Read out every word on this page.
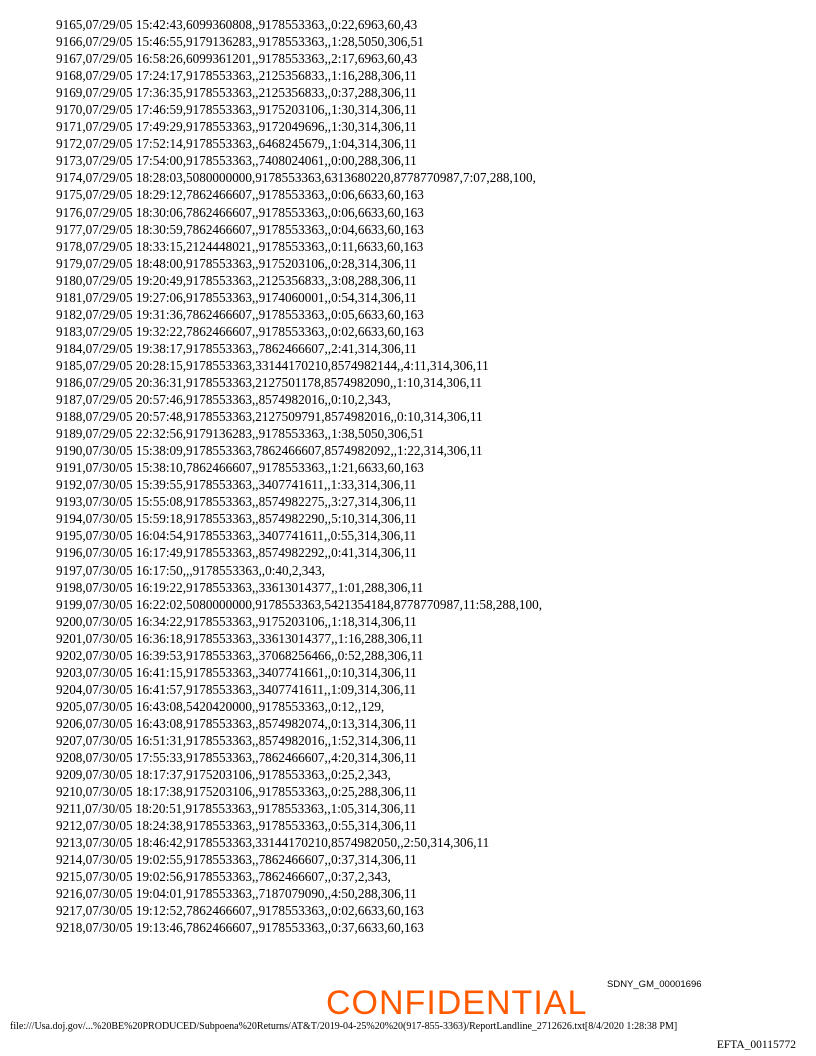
9165,07/29/05 15:42:43,6099360808,,9178553363,,0:22,6963,60,43
9166,07/29/05 15:46:55,9179136283,,9178553363,,1:28,5050,306,51
9167,07/29/05 16:58:26,6099361201,,9178553363,,2:17,6963,60,43
9168,07/29/05 17:24:17,9178553363,,2125356833,,1:16,288,306,11
9169,07/29/05 17:36:35,9178553363,,2125356833,,0:37,288,306,11
9170,07/29/05 17:46:59,9178553363,,9175203106,,1:30,314,306,11
9171,07/29/05 17:49:29,9178553363,,9172049696,,1:30,314,306,11
9172,07/29/05 17:52:14,9178553363,,6468245679,,1:04,314,306,11
9173,07/29/05 17:54:00,9178553363,,7408024061,,0:00,288,306,11
9174,07/29/05 18:28:03,5080000000,9178553363,6313680220,8778770987,7:07,288,100,
9175,07/29/05 18:29:12,7862466607,,9178553363,,0:06,6633,60,163
9176,07/29/05 18:30:06,7862466607,,9178553363,,0:06,6633,60,163
9177,07/29/05 18:30:59,7862466607,,9178553363,,0:04,6633,60,163
9178,07/29/05 18:33:15,2124448021,,9178553363,,0:11,6633,60,163
9179,07/29/05 18:48:00,9178553363,,9175203106,,0:28,314,306,11
9180,07/29/05 19:20:49,9178553363,,2125356833,,3:08,288,306,11
9181,07/29/05 19:27:06,9178553363,,9174060001,,0:54,314,306,11
9182,07/29/05 19:31:36,7862466607,,9178553363,,0:05,6633,60,163
9183,07/29/05 19:32:22,7862466607,,9178553363,,0:02,6633,60,163
9184,07/29/05 19:38:17,9178553363,,7862466607,,2:41,314,306,11
9185,07/29/05 20:28:15,9178553363,33144170210,8574982144,,4:11,314,306,11
9186,07/29/05 20:36:31,9178553363,2127501178,8574982090,,1:10,314,306,11
9187,07/29/05 20:57:46,9178553363,,8574982016,,0:10,2,343,
9188,07/29/05 20:57:48,9178553363,2127509791,8574982016,,0:10,314,306,11
9189,07/29/05 22:32:56,9179136283,,9178553363,,1:38,5050,306,51
9190,07/30/05 15:38:09,9178553363,7862466607,8574982092,,1:22,314,306,11
9191,07/30/05 15:38:10,7862466607,,9178553363,,1:21,6633,60,163
9192,07/30/05 15:39:55,9178553363,,3407741611,,1:33,314,306,11
9193,07/30/05 15:55:08,9178553363,,8574982275,,3:27,314,306,11
9194,07/30/05 15:59:18,9178553363,,8574982290,,5:10,314,306,11
9195,07/30/05 16:04:54,9178553363,,3407741611,,0:55,314,306,11
9196,07/30/05 16:17:49,9178553363,,8574982292,,0:41,314,306,11
9197,07/30/05 16:17:50,,,9178553363,,0:40,2,343,
9198,07/30/05 16:19:22,9178553363,,33613014377,,1:01,288,306,11
9199,07/30/05 16:22:02,5080000000,9178553363,5421354184,8778770987,11:58,288,100,
9200,07/30/05 16:34:22,9178553363,,9175203106,,1:18,314,306,11
9201,07/30/05 16:36:18,9178553363,,33613014377,,1:16,288,306,11
9202,07/30/05 16:39:53,9178553363,,37068256466,,0:52,288,306,11
9203,07/30/05 16:41:15,9178553363,,3407741661,,0:10,314,306,11
9204,07/30/05 16:41:57,9178553363,,3407741611,,1:09,314,306,11
9205,07/30/05 16:43:08,5420420000,,9178553363,,0:12,,129,
9206,07/30/05 16:43:08,9178553363,,8574982074,,0:13,314,306,11
9207,07/30/05 16:51:31,9178553363,,8574982016,,1:52,314,306,11
9208,07/30/05 17:55:33,9178553363,,7862466607,,4:20,314,306,11
9209,07/30/05 18:17:37,9175203106,,9178553363,,0:25,2,343,
9210,07/30/05 18:17:38,9175203106,,9178553363,,0:25,288,306,11
9211,07/30/05 18:20:51,9178553363,,9178553363,,1:05,314,306,11
9212,07/30/05 18:24:38,9178553363,,9178553363,,0:55,314,306,11
9213,07/30/05 18:46:42,9178553363,33144170210,8574982050,,2:50,314,306,11
9214,07/30/05 19:02:55,9178553363,,7862466607,,0:37,314,306,11
9215,07/30/05 19:02:56,9178553363,,7862466607,,0:37,2,343,
9216,07/30/05 19:04:01,9178553363,,7187079090,,4:50,288,306,11
9217,07/30/05 19:12:52,7862466607,,9178553363,,0:02,6633,60,163
9218,07/30/05 19:13:46,7862466607,,9178553363,,0:37,6633,60,163
SDNY_GM_00001696
file:///Usa.doj.gov/...%20BE%20PRODUCED/Subpoena%20Returns/AT&T/2019-04-25%20%20(917-855-3363)/ReportLandline_2712626.txt[8/4/2020 1:28:38 PM]
CONFIDENTIAL
EFTA_00115772
